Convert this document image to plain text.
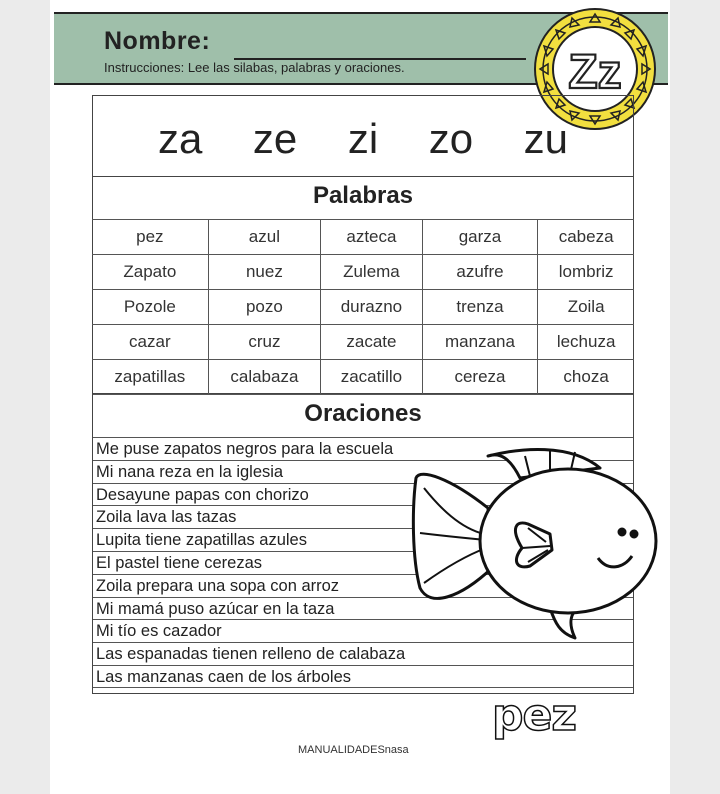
Nombre:
Instrucciones: Lee las silabas, palabras y oraciones.	Zz
za ze zi zo zu
Palabras
pez	azul	azteca	garza	cabeza
Zapato	nuez	Zulema	azufre	lombriz
Pozole	pozo	durazno	trenza	Zoila
cazar	cruz	zacate	manzana	lechuza
zapatillas	calabaza	zacatillo	cereza	choza
Oraciones
Me puse zapatos negros para la escuela
Mi nana reza en la iglesia
Desayune papas con chorizo
Zoila lava las tazas
Lupita tiene zapatillas azules
El pastel tiene cerezas
Zoila prepara una sopa con arroz
Mi mamá puso azúcar en la taza
Mi tío es cazador
Las espanadas tienen relleno de calabaza
Las manzanas caen de los árboles
pez
MANUALIDADESnasa
